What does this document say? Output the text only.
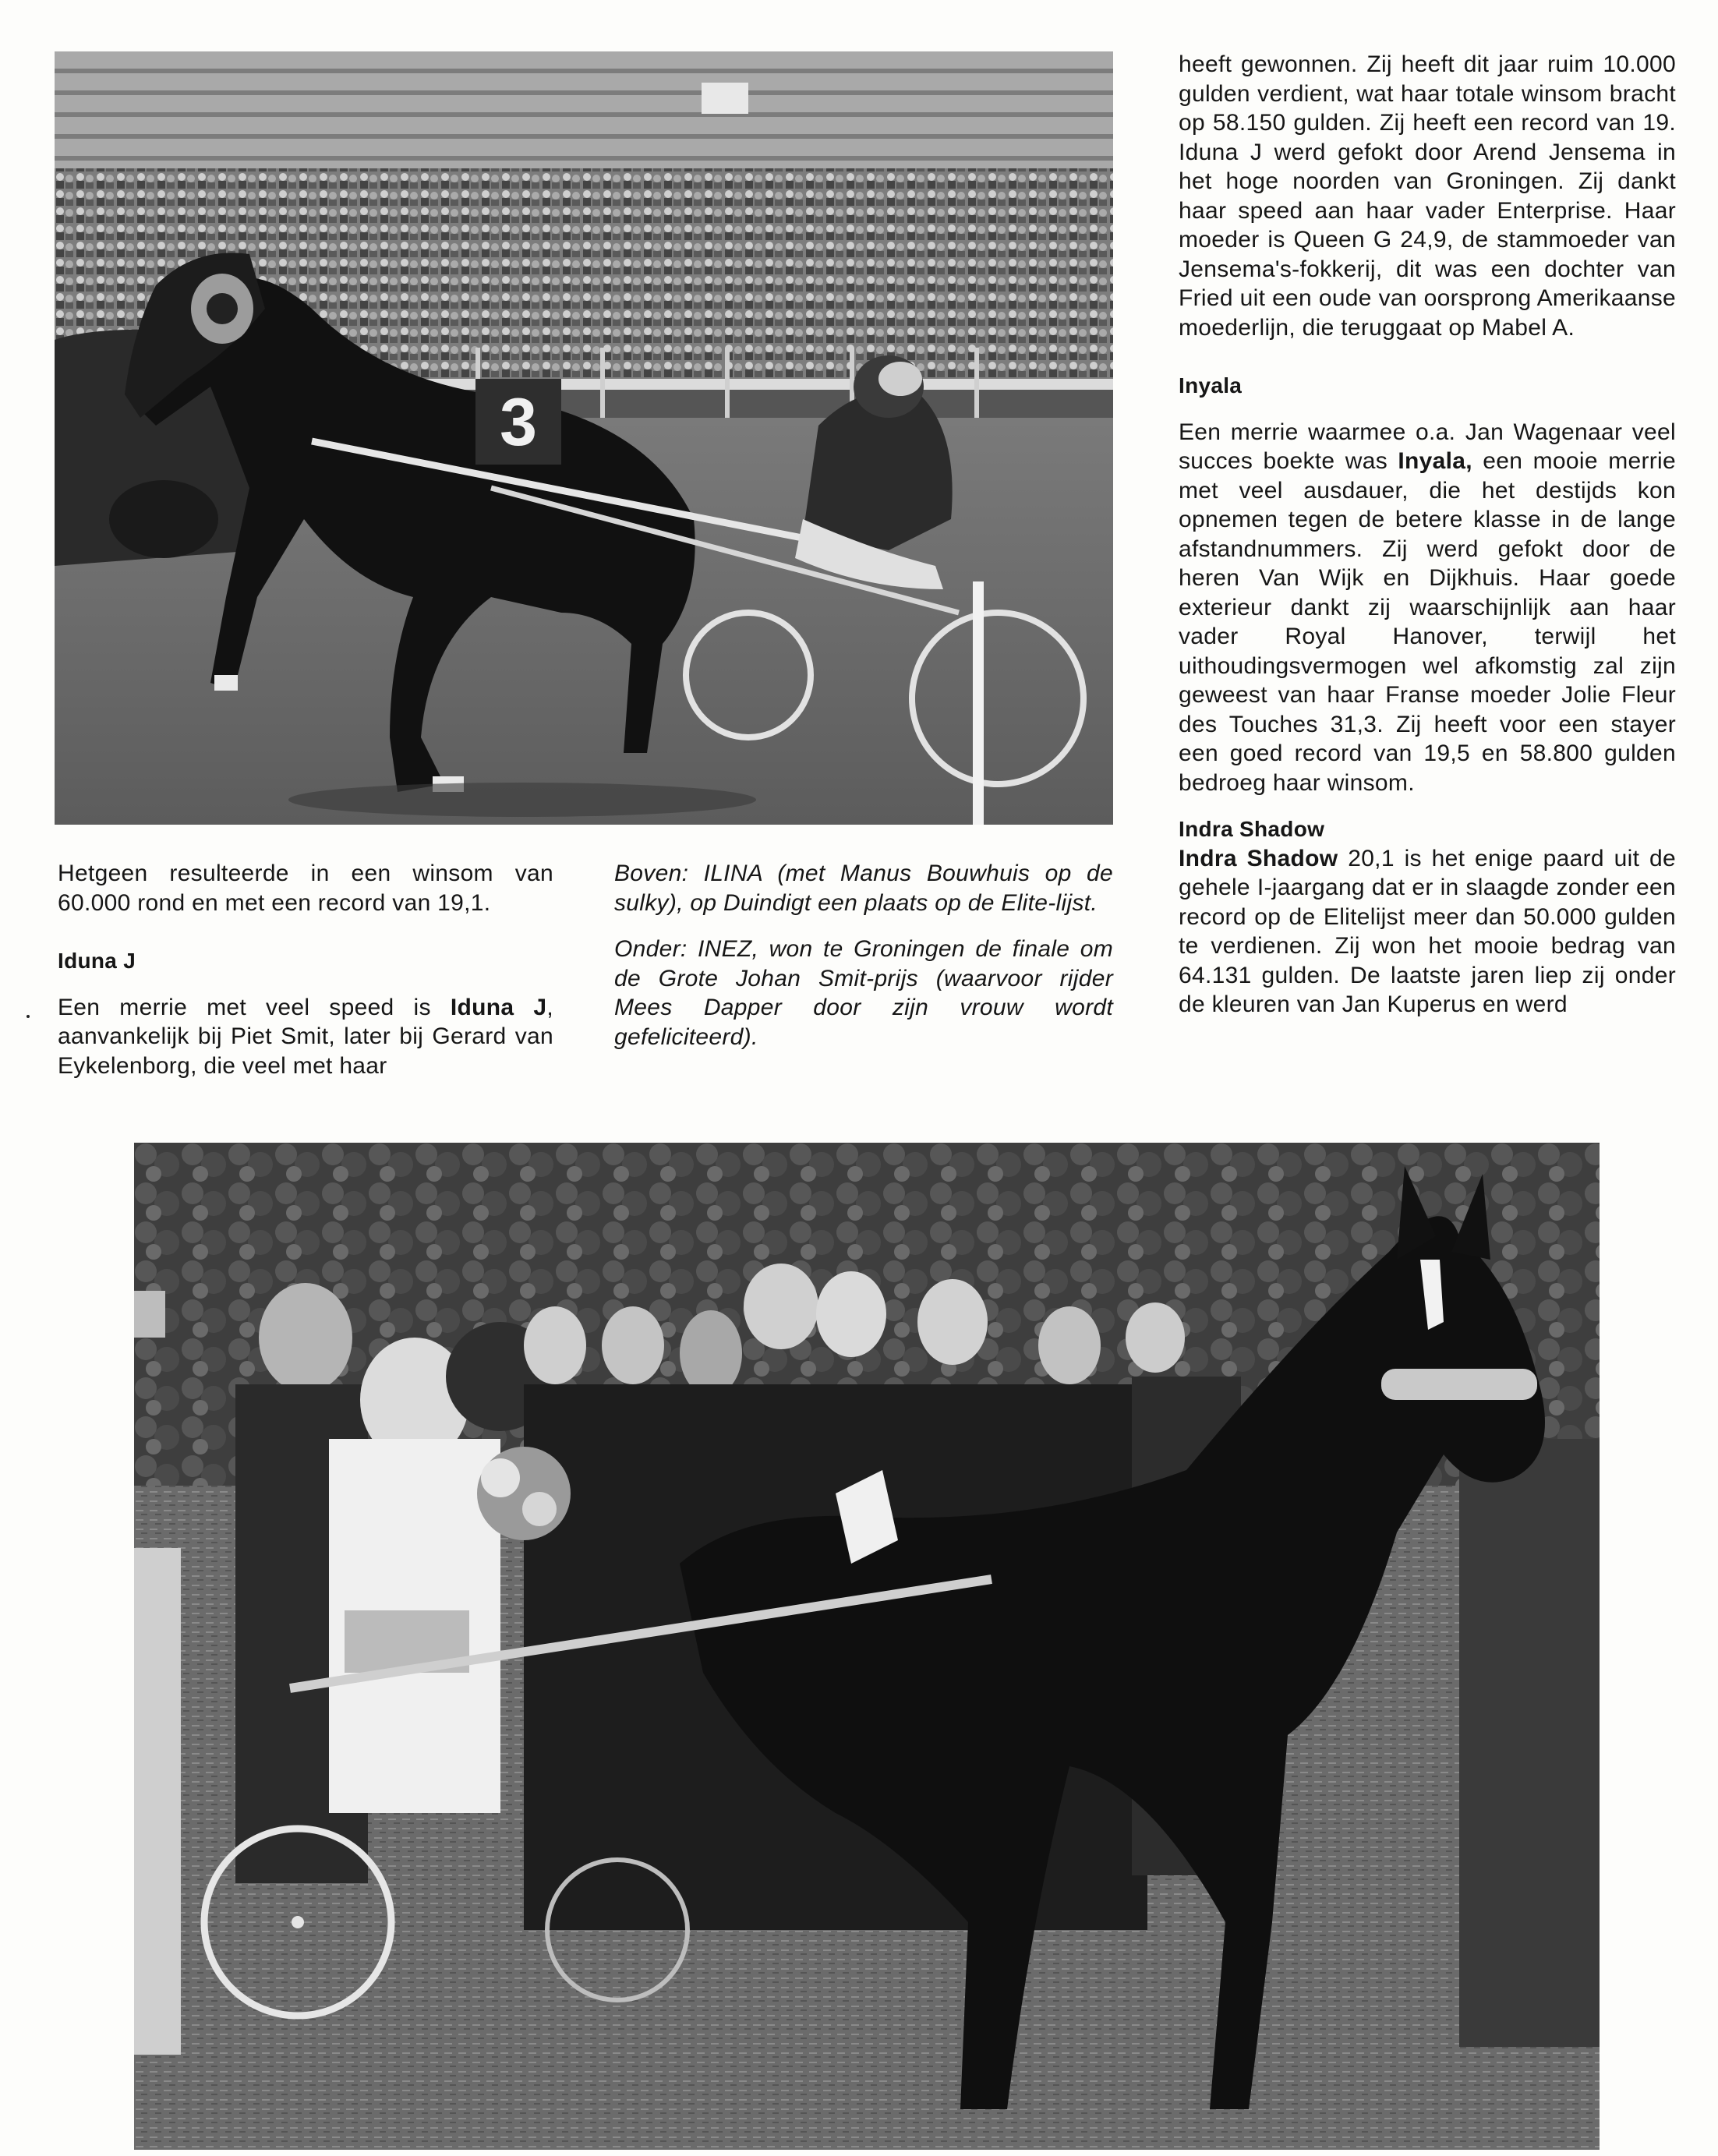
3

Hetgeen resulteerde in een winsom van 60.000 rond en met een record van 19,1.

Iduna J

Een merrie met veel speed is Iduna J, aanvankelijk bij Piet Smit, later bij Gerard van Eykelenborg, die veel met haar

Boven: ILINA (met Manus Bouwhuis op de sulky), op Duindigt een plaats op de Elite-lijst.

Onder: INEZ, won te Groningen de finale om de Grote Johan Smit-prijs (waarvoor rijder Mees Dapper door zijn vrouw wordt gefeliciteerd).

heeft gewonnen. Zij heeft dit jaar ruim 10.000 gulden verdient, wat haar totale winsom bracht op 58.150 gulden. Zij heeft een record van 19. Iduna J werd gefokt door Arend Jensema in het hoge noorden van Groningen. Zij dankt haar speed aan haar vader Enterprise. Haar moeder is Queen G 24,9, de stammoeder van Jensema's-fokkerij, dit was een dochter van Fried uit een oude van oorsprong Amerikaanse moederlijn, die teruggaat op Mabel A.

Inyala

Een merrie waarmee o.a. Jan Wagenaar veel succes boekte was Inyala, een mooie merrie met veel ausdauer, die het destijds kon opnemen tegen de betere klasse in de lange afstandnummers. Zij werd gefokt door de heren Van Wijk en Dijkhuis. Haar goede exterieur dankt zij waarschijnlijk aan haar vader Royal Hanover, terwijl het uithoudingsvermogen wel afkomstig zal zijn geweest van haar Franse moeder Jolie Fleur des Touches 31,3. Zij heeft voor een stayer een goed record van 19,5 en 58.800 gulden bedroeg haar winsom.

Indra Shadow

Indra Shadow 20,1 is het enige paard uit de gehele I-jaargang dat er in slaagde zonder een record op de Elitelijst meer dan 50.000 gulden te verdienen. Zij won het mooie bedrag van 64.131 gulden. De laatste jaren liep zij onder de kleuren van Jan Kuperus en werd
